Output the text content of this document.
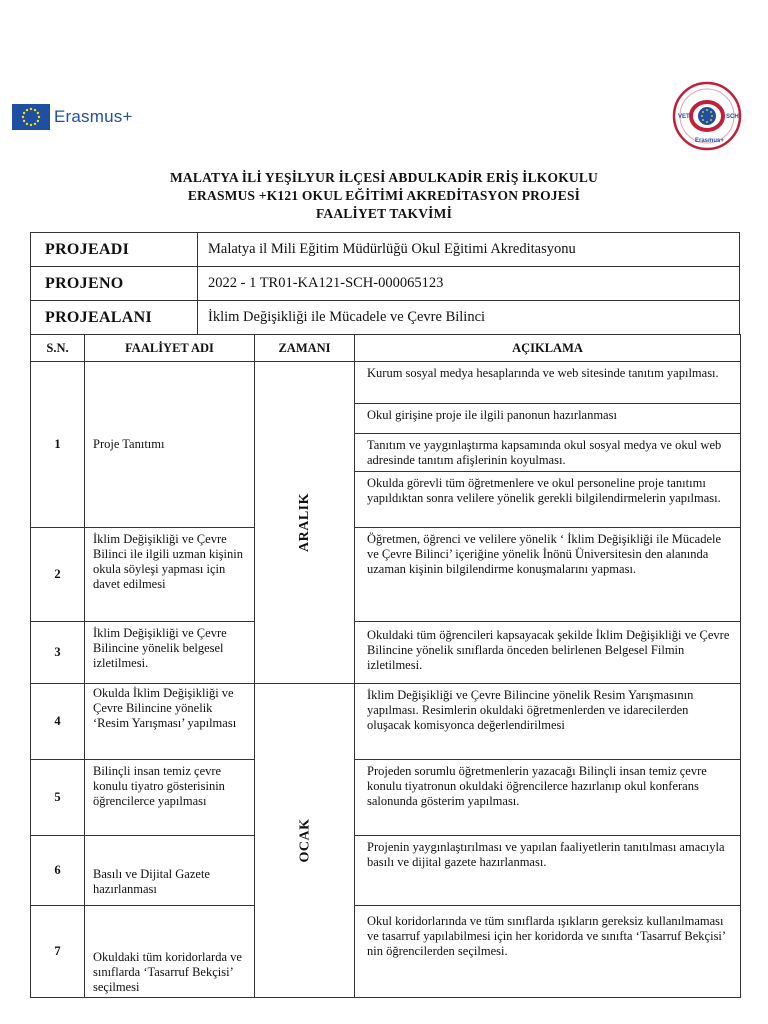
Erasmus+	VET	SCH
Erasmus+
MALATYA İLİ YEŞİLYUR İLÇESİ ABDULKADİR ERİŞ İLKOKULU
ERASMUS +K121 OKUL EĞİTİMİ AKREDİTASYON PROJESİ
FAALİYET TAKVİMİ
PROJEADI	Malatya il Mili Eğitim Müdürlüğü Okul Eğitimi Akreditasyonu
PROJENO	2022 - 1 TR01-KA121-SCH-000065123
PROJEALANI	İklim Değişikliği ile Mücadele ve Çevre Bilinci
S.N.	FAALİYET ADI	ZAMANI	AÇIKLAMA
1	Proje Tanıtımı	ARALIK	Kurum sosyal medya hesaplarında ve web sitesinde tanıtım yapılması.

			Okul girişine proje ile ilgili panonun hazırlanması

			Tanıtım ve yaygınlaştırma kapsamında okul sosyal medya ve okul web adresinde tanıtım afişlerinin koyulması.

			Okulda görevli tüm öğretmenlere ve okul personeline proje tanıtımı yapıldıktan sonra velilere yönelik gerekli bilgilendirmelerin yapılması.

2	İklim Değişikliği ve Çevre Bilinci ile ilgili uzman kişinin okula söyleşi yapması için davet edilmesi		Öğretmen, öğrenci ve velilere yönelik ‘ İklim Değişikliği ile Mücadele ve Çevre Bilinci’ içeriğine yönelik İnönü Üniversitesin den alanında uzaman kişinin bilgilendirme konuşmalarını yapması.

3	İklim Değişikliği ve Çevre Bilincine yönelik belgesel izletilmesi.		Okuldaki tüm öğrencileri kapsayacak şekilde İklim Değişikliği ve Çevre Bilincine yönelik sınıflarda önceden belirlenen Belgesel Filmin izletilmesi.

4	Okulda İklim Değişikliği ve Çevre Bilincine yönelik ‘Resim Yarışması’ yapılması	OCAK	İklim Değişikliği ve Çevre Bilincine yönelik Resim Yarışmasının yapılması. Resimlerin okuldaki öğretmenlerden ve idarecilerden oluşacak komisyonca değerlendirilmesi

5	Bilinçli insan temiz çevre konulu tiyatro gösterisinin öğrencilerce yapılması		Projeden sorumlu öğretmenlerin yazacağı Bilinçli insan temiz çevre konulu tiyatronun okuldaki öğrencilerce hazırlanıp okul konferans salonunda gösterim yapılması.

6	Basılı ve Dijital Gazete hazırlanması		Projenin yaygınlaştırılması ve yapılan faaliyetlerin tanıtılması amacıyla basılı ve dijital gazete hazırlanması.

7	Okuldaki tüm koridorlarda ve sınıflarda ‘Tasarruf Bekçisi’ seçilmesi		Okul koridorlarında ve tüm sınıflarda ışıkların gereksiz kullanılmaması ve tasarruf yapılabilmesi için her koridorda ve sınıfta ‘Tasarruf Bekçisi’ nin öğrencilerden seçilmesi.
